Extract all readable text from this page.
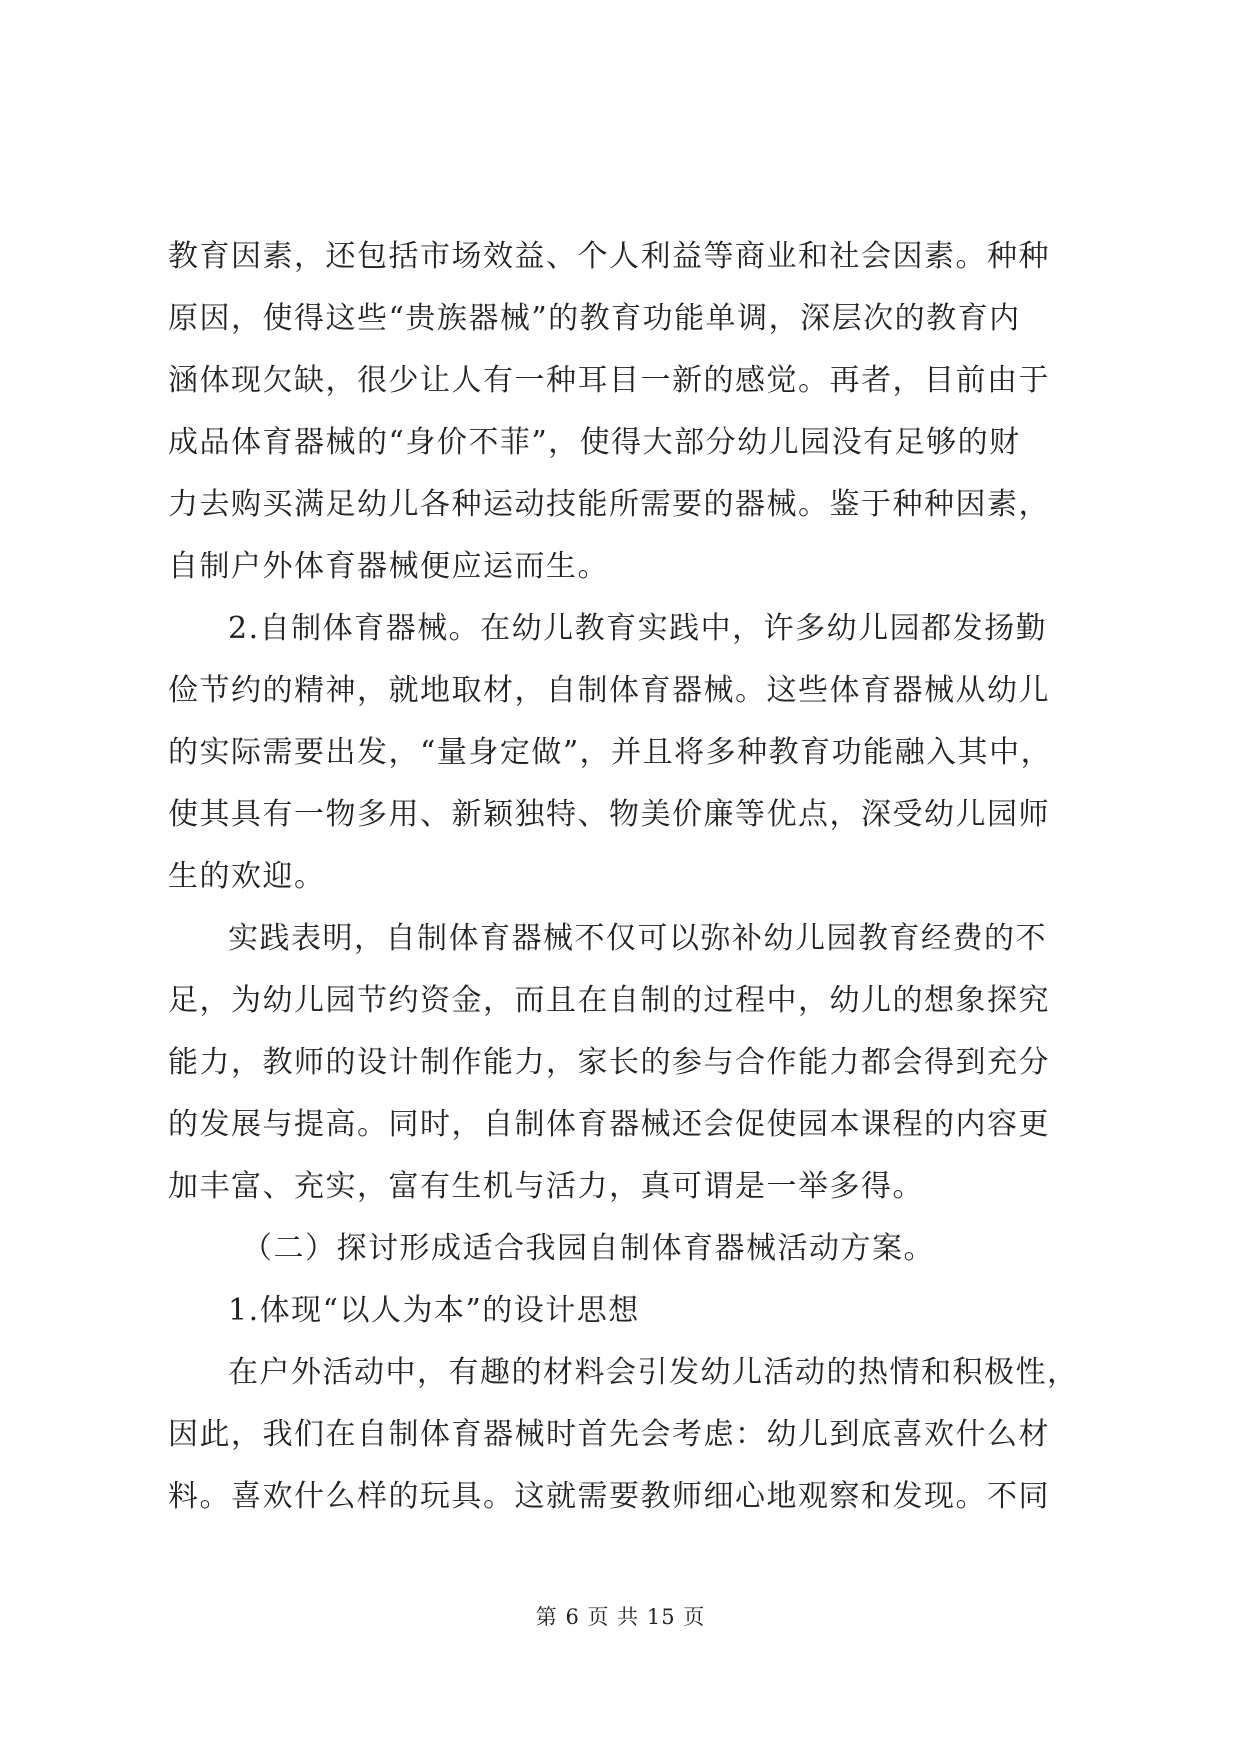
教育因素，还包括市场效益、个人利益等商业和社会因素。种种
原因，使得这些“贵族器械”的教育功能单调，深层次的教育内
涵体现欠缺，很少让人有一种耳目一新的感觉。再者，目前由于
成品体育器械的“身价不菲”，使得大部分幼儿园没有足够的财
力去购买满足幼儿各种运动技能所需要的器械。鉴于种种因素，
自制户外体育器械便应运而生。
2.自制体育器械。在幼儿教育实践中，许多幼儿园都发扬勤
俭节约的精神，就地取材，自制体育器械。这些体育器械从幼儿
的实际需要出发，“量身定做”，并且将多种教育功能融入其中，
使其具有一物多用、新颖独特、物美价廉等优点，深受幼儿园师
生的欢迎。
实践表明，自制体育器械不仅可以弥补幼儿园教育经费的不
足，为幼儿园节约资金，而且在自制的过程中，幼儿的想象探究
能力，教师的设计制作能力，家长的参与合作能力都会得到充分
的发展与提高。同时，自制体育器械还会促使园本课程的内容更
加丰富、充实，富有生机与活力，真可谓是一举多得。
（二）探讨形成适合我园自制体育器械活动方案。
1.体现“以人为本”的设计思想
在户外活动中，有趣的材料会引发幼儿活动的热情和积极性，
因此，我们在自制体育器械时首先会考虑：幼儿到底喜欢什么材
料。喜欢什么样的玩具。这就需要教师细心地观察和发现。不同
第 6 页 共 15 页
